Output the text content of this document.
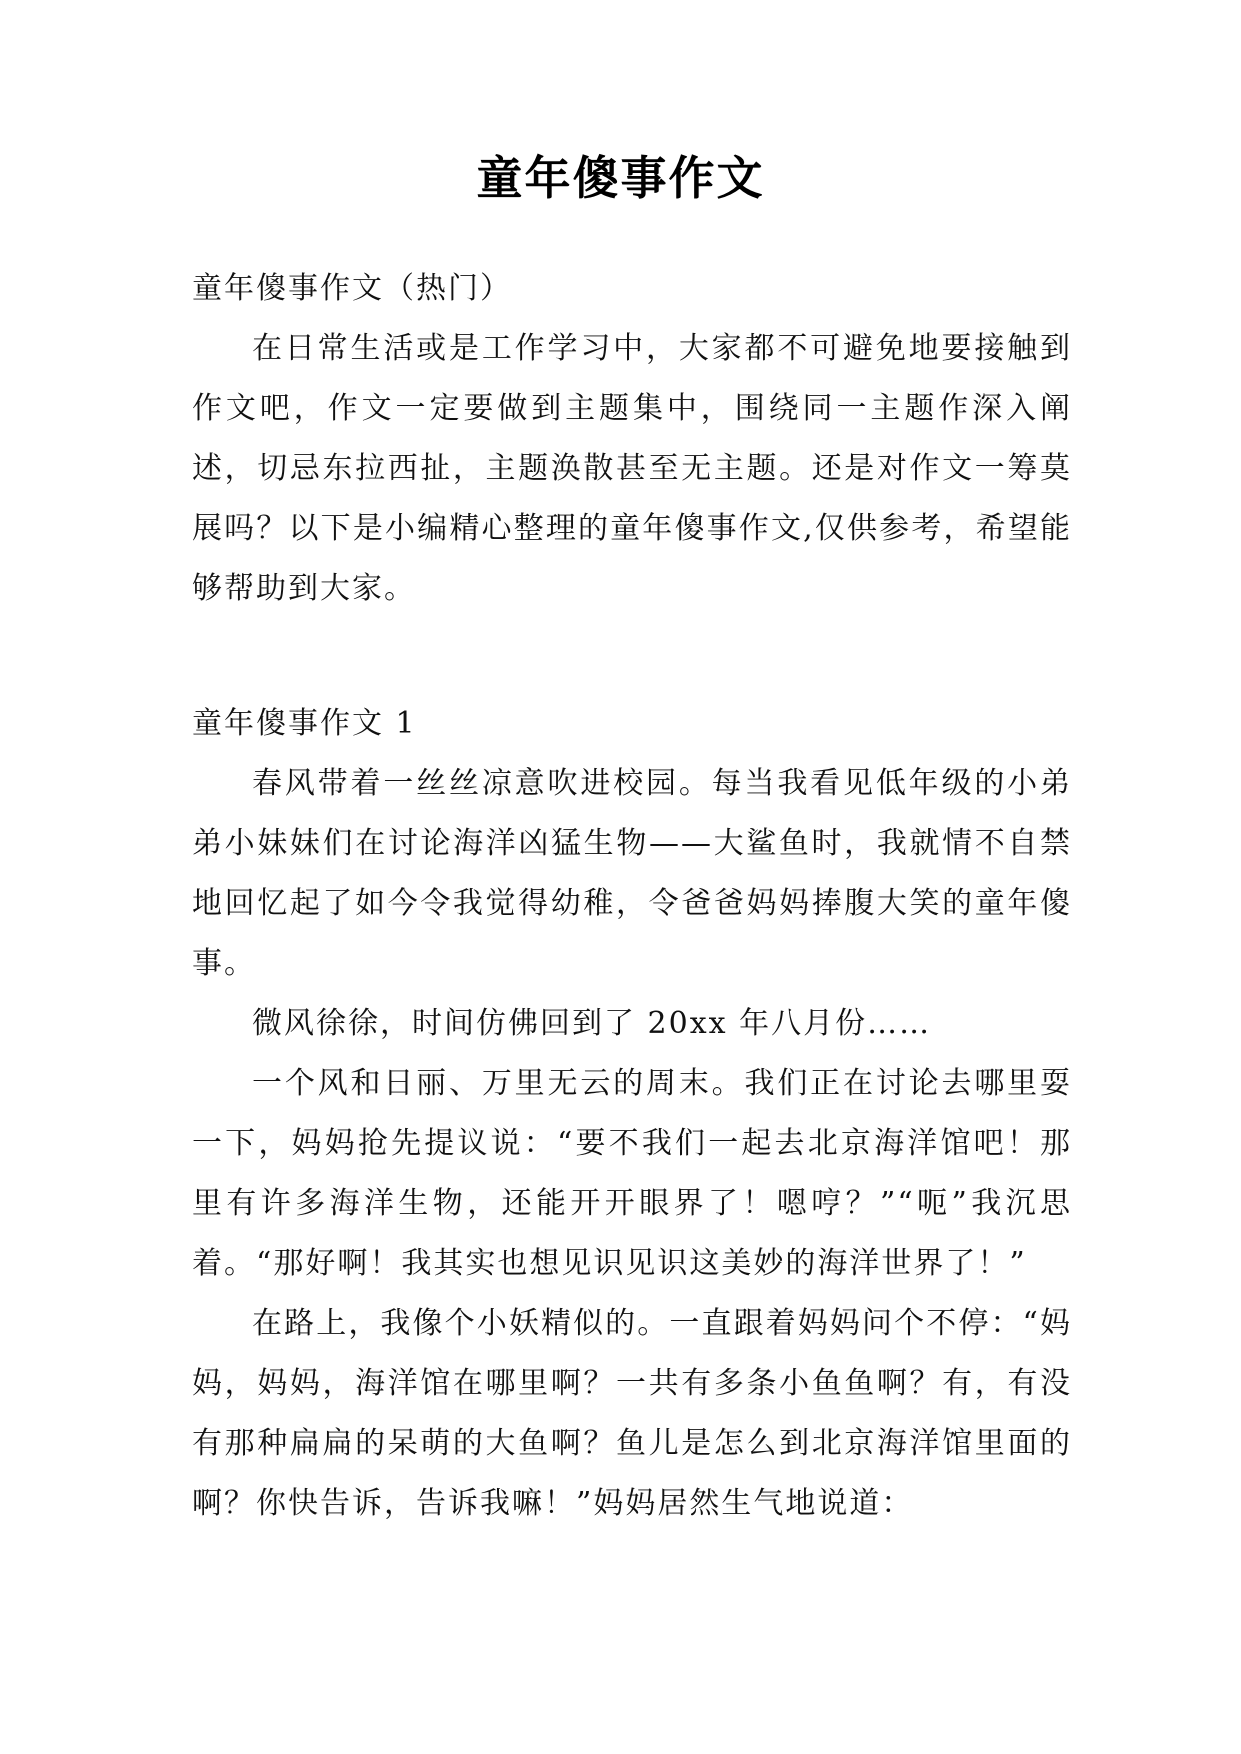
童年傻事作文

童年傻事作文（热门）

在日常生活或是工作学习中，大家都不可避免地要接触到作文吧，作文一定要做到主题集中，围绕同一主题作深入阐述，切忌东拉西扯，主题涣散甚至无主题。还是对作文一筹莫展吗？以下是小编精心整理的童年傻事作文,仅供参考，希望能够帮助到大家。

童年傻事作文 1

春风带着一丝丝凉意吹进校园。每当我看见低年级的小弟弟小妹妹们在讨论海洋凶猛生物——大鲨鱼时，我就情不自禁地回忆起了如今令我觉得幼稚，令爸爸妈妈捧腹大笑的童年傻事。

微风徐徐，时间仿佛回到了 20xx 年八月份……

一个风和日丽、万里无云的周末。我们正在讨论去哪里耍一下，妈妈抢先提议说：“要不我们一起去北京海洋馆吧！那里有许多海洋生物，还能开开眼界了！嗯哼？”“呃”我沉思着。“那好啊！我其实也想见识见识这美妙的海洋世界了！”

在路上，我像个小妖精似的。一直跟着妈妈问个不停：“妈妈，妈妈，海洋馆在哪里啊？一共有多条小鱼鱼啊？有，有没有那种扁扁的呆萌的大鱼啊？鱼儿是怎么到北京海洋馆里面的啊？你快告诉，告诉我嘛！”妈妈居然生气地说道：
